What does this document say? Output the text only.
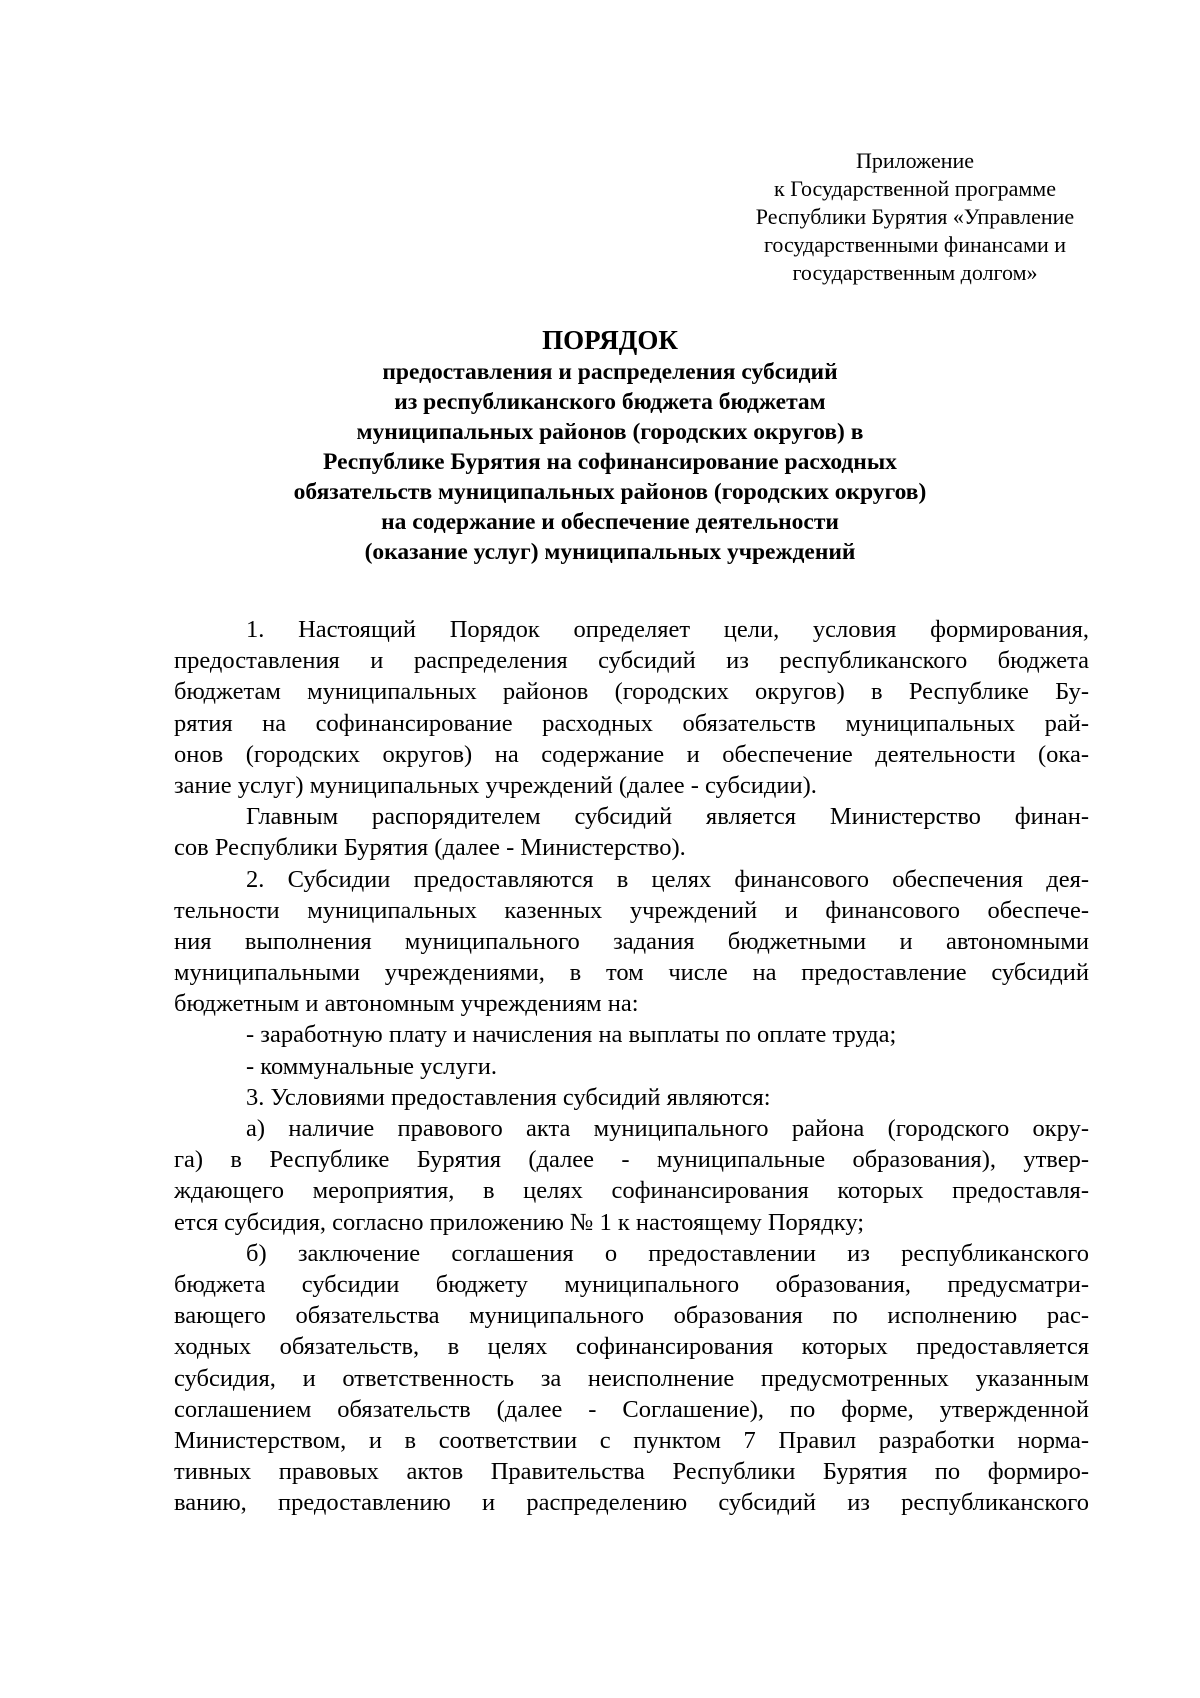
Приложение
к Государственной программе
Республики Бурятия «Управление
государственными финансами и
государственным долгом»
ПОРЯДОК
предоставления и распределения субсидий
из республиканского бюджета бюджетам
муниципальных районов (городских округов) в
Республике Бурятия на софинансирование расходных
обязательств муниципальных районов (городских округов)
на содержание и обеспечение деятельности
(оказание услуг) муниципальных учреждений
1. Настоящий Порядок определяет цели, условия формирования,
предоставления и распределения субсидий из республиканского бюджета
бюджетам муниципальных районов (городских округов) в Республике Бу-
рятия на софинансирование расходных обязательств муниципальных рай-
онов (городских округов) на содержание и обеспечение деятельности (ока-
зание услуг) муниципальных учреждений (далее - субсидии).
Главным распорядителем субсидий является Министерство финан-
сов Республики Бурятия (далее - Министерство).
2. Субсидии предоставляются в целях финансового обеспечения дея-
тельности муниципальных казенных учреждений и финансового обеспече-
ния выполнения муниципального задания бюджетными и автономными
муниципальными учреждениями, в том числе на предоставление субсидий
бюджетным и автономным учреждениям на:
- заработную плату и начисления на выплаты по оплате труда;
- коммунальные услуги.
3. Условиями предоставления субсидий являются:
а) наличие правового акта муниципального района (городского окру-
га) в Республике Бурятия (далее - муниципальные образования), утвер-
ждающего мероприятия, в целях софинансирования которых предоставля-
ется субсидия, согласно приложению № 1 к настоящему Порядку;
б) заключение соглашения о предоставлении из республиканского
бюджета субсидии бюджету муниципального образования, предусматри-
вающего обязательства муниципального образования по исполнению рас-
ходных обязательств, в целях софинансирования которых предоставляется
субсидия, и ответственность за неисполнение предусмотренных указанным
соглашением обязательств (далее - Соглашение), по форме, утвержденной
Министерством, и в соответствии с пунктом 7 Правил разработки норма-
тивных правовых актов Правительства Республики Бурятия по формиро-
ванию, предоставлению и распределению субсидий из республиканского
